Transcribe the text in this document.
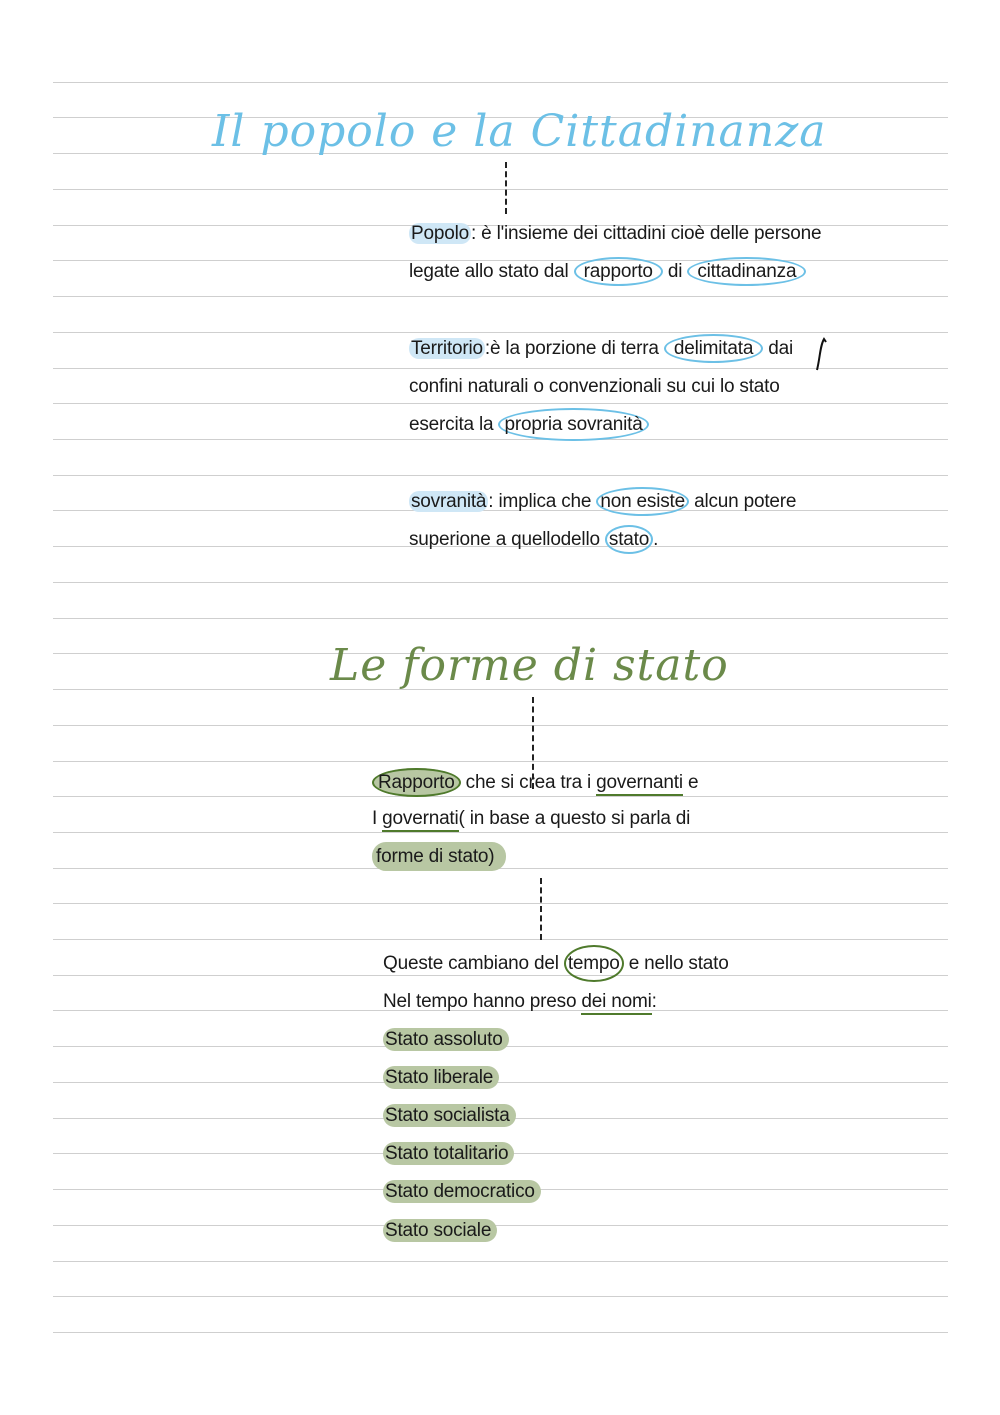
Il popolo e la Cittadinanza

Popolo : è l'insieme dei cittadini cioè delle persone

legate allo stato dal rapporto di cittadinanza

Territorio :è la porzione di terra delimitata dai

confini naturali o convenzionali su cui lo stato

esercita la propria sovranità

sovranità : implica che non esiste alcun potere

superione a quellodello stato .

Le forme di stato

Rapporto che si crea tra i governanti e

I governati( in base a questo si parla di

forme di stato)

Queste cambiano del tempo e nello stato

Nel tempo hanno preso dei nomi:

Stato assoluto
Stato liberale
Stato socialista
Stato totalitario
Stato democratico
Stato sociale
